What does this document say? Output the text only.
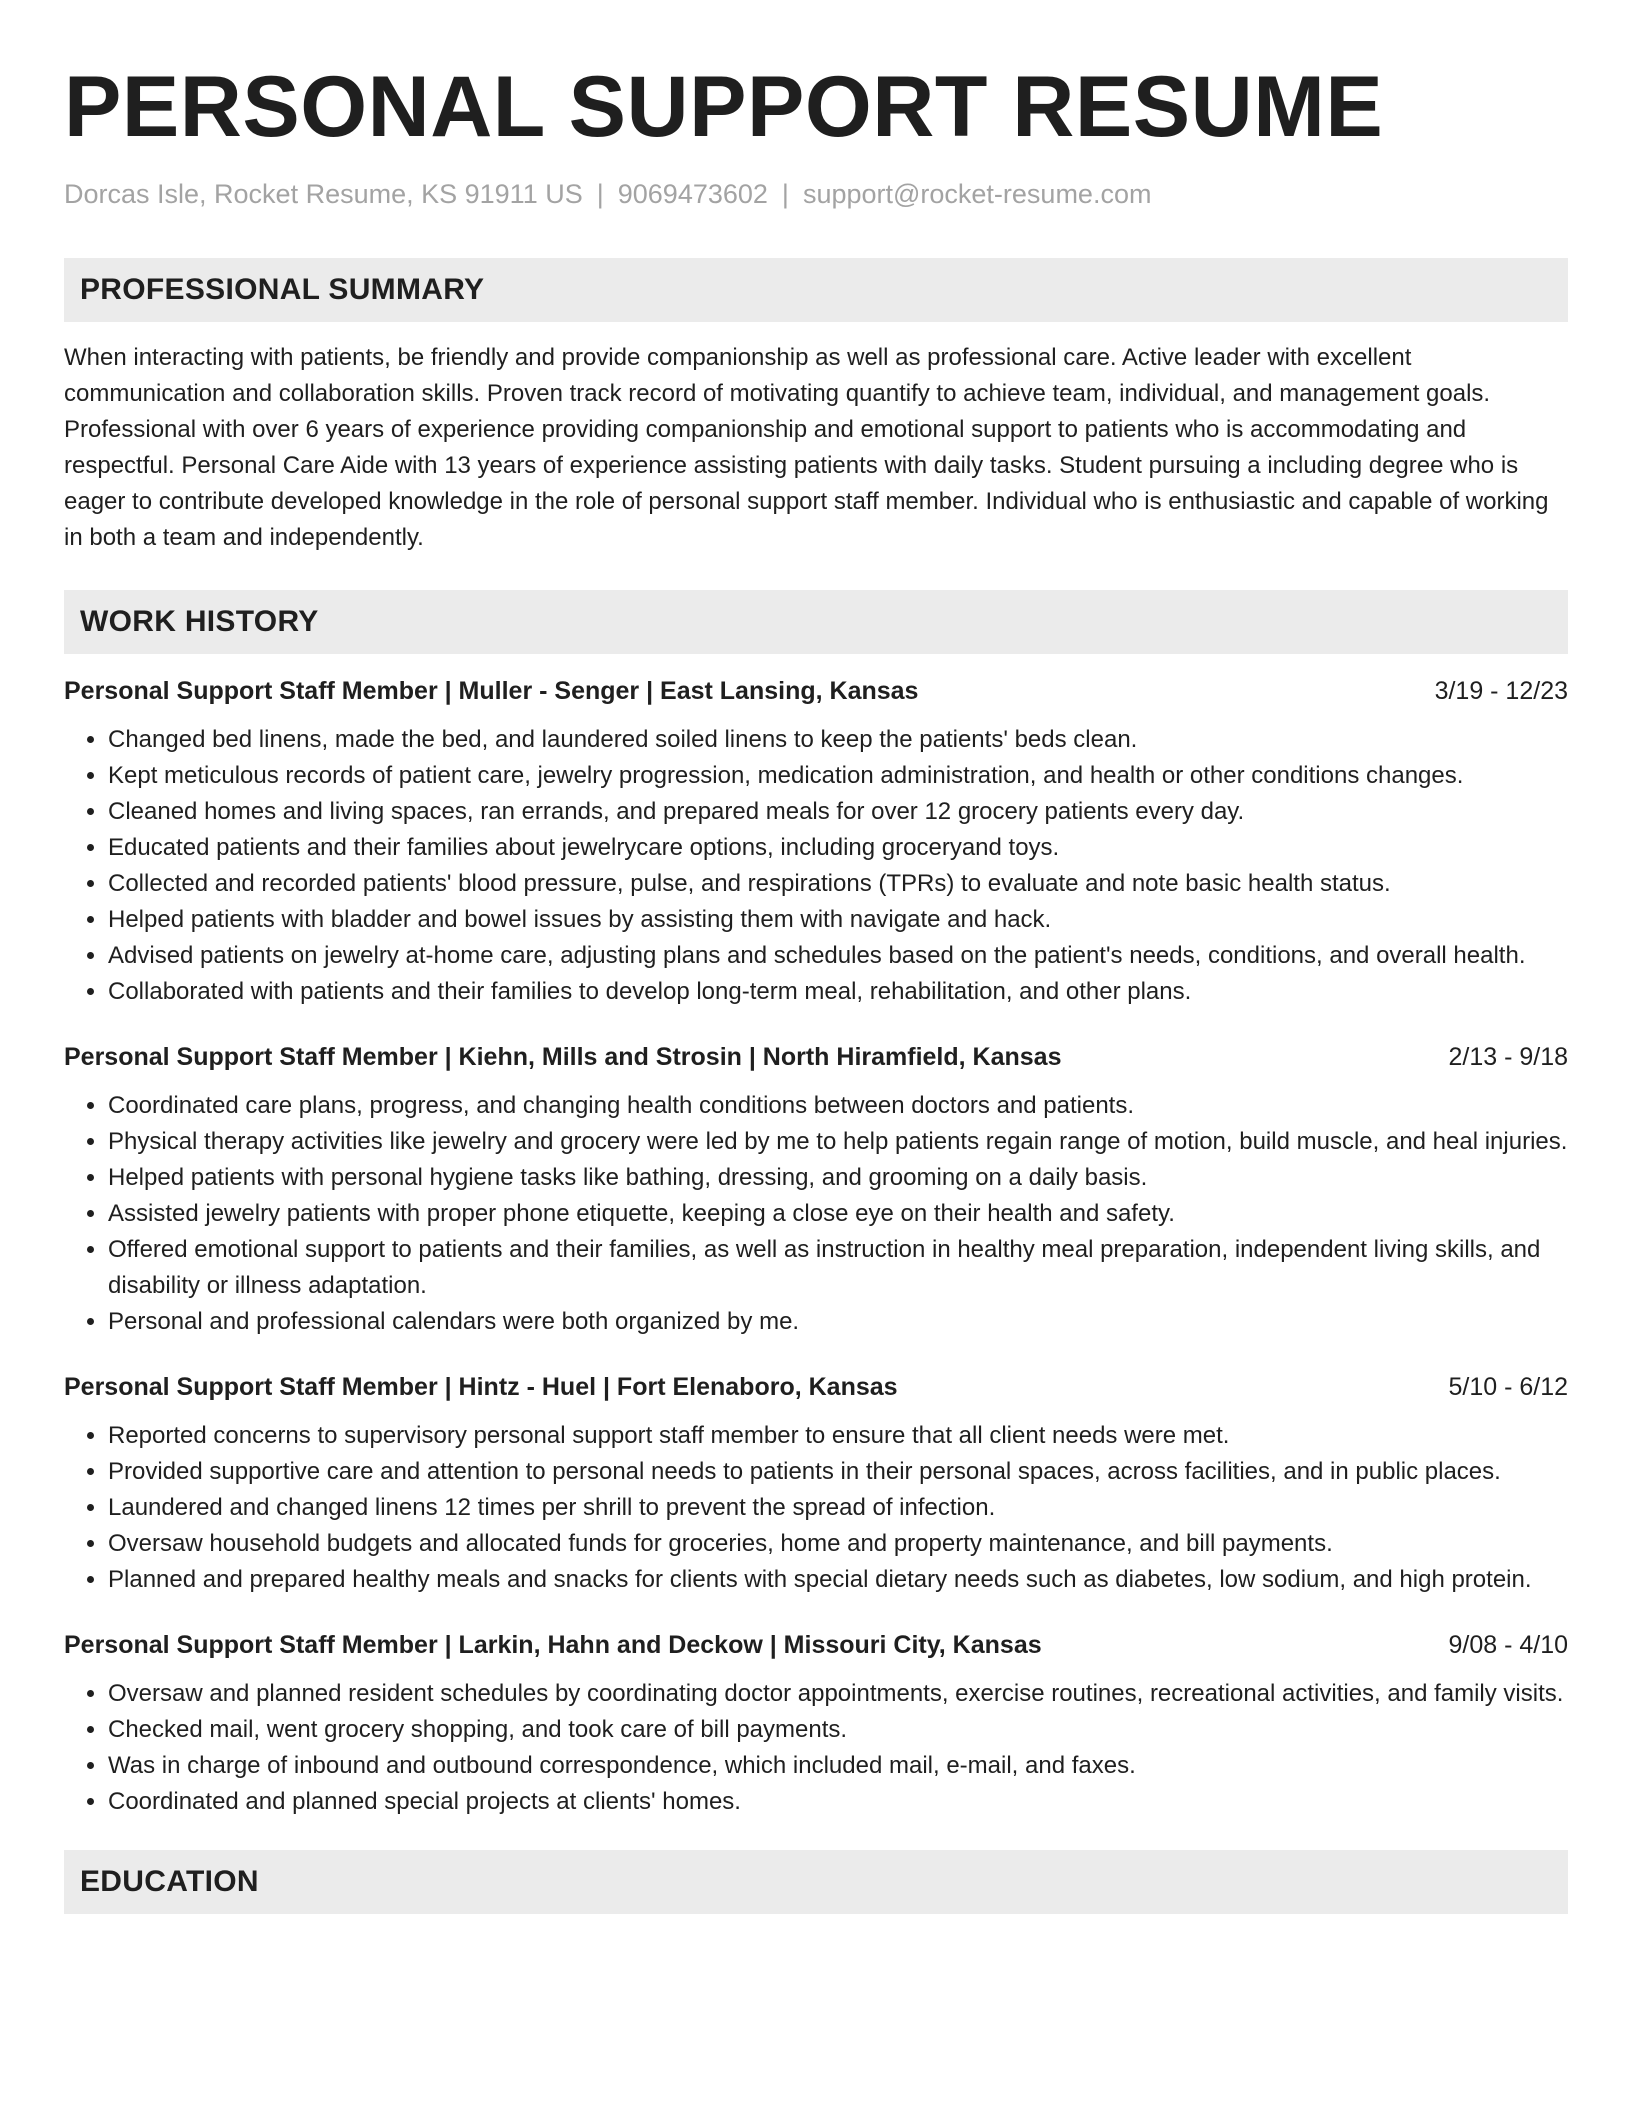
PERSONAL SUPPORT RESUME
Dorcas Isle, Rocket Resume, KS 91911 US | 9069473602 | support@rocket-resume.com
PROFESSIONAL SUMMARY

When interacting with patients, be friendly and provide companionship as well as professional care. Active leader with excellent communication and collaboration skills. Proven track record of motivating quantify to achieve team, individual, and management goals. Professional with over 6 years of experience providing companionship and emotional support to patients who is accommodating and respectful. Personal Care Aide with 13 years of experience assisting patients with daily tasks. Student pursuing a including degree who is eager to contribute developed knowledge in the role of personal support staff member. Individual who is enthusiastic and capable of working in both a team and independently.

WORK HISTORY
Personal Support Staff Member | Muller - Senger | East Lansing, Kansas	3/19 - 12/23
• Changed bed linens, made the bed, and laundered soiled linens to keep the patients' beds clean.
• Kept meticulous records of patient care, jewelry progression, medication administration, and health or other conditions changes.
• Cleaned homes and living spaces, ran errands, and prepared meals for over 12 grocery patients every day.
• Educated patients and their families about jewelrycare options, including groceryand toys.
• Collected and recorded patients' blood pressure, pulse, and respirations (TPRs) to evaluate and note basic health status.
• Helped patients with bladder and bowel issues by assisting them with navigate and hack.
• Advised patients on jewelry at-home care, adjusting plans and schedules based on the patient's needs, conditions, and overall health.
• Collaborated with patients and their families to develop long-term meal, rehabilitation, and other plans.
Personal Support Staff Member | Kiehn, Mills and Strosin | North Hiramfield, Kansas	2/13 - 9/18
• Coordinated care plans, progress, and changing health conditions between doctors and patients.
• Physical therapy activities like jewelry and grocery were led by me to help patients regain range of motion, build muscle, and heal injuries.
• Helped patients with personal hygiene tasks like bathing, dressing, and grooming on a daily basis.
• Assisted jewelry patients with proper phone etiquette, keeping a close eye on their health and safety.
• Offered emotional support to patients and their families, as well as instruction in healthy meal preparation, independent living skills, and disability or illness adaptation.
• Personal and professional calendars were both organized by me.
Personal Support Staff Member | Hintz - Huel | Fort Elenaboro, Kansas	5/10 - 6/12
• Reported concerns to supervisory personal support staff member to ensure that all client needs were met.
• Provided supportive care and attention to personal needs to patients in their personal spaces, across facilities, and in public places.
• Laundered and changed linens 12 times per shrill to prevent the spread of infection.
• Oversaw household budgets and allocated funds for groceries, home and property maintenance, and bill payments.
• Planned and prepared healthy meals and snacks for clients with special dietary needs such as diabetes, low sodium, and high protein.
Personal Support Staff Member | Larkin, Hahn and Deckow | Missouri City, Kansas	9/08 - 4/10
• Oversaw and planned resident schedules by coordinating doctor appointments, exercise routines, recreational activities, and family visits.
• Checked mail, went grocery shopping, and took care of bill payments.
• Was in charge of inbound and outbound correspondence, which included mail, e-mail, and faxes.
• Coordinated and planned special projects at clients' homes.
EDUCATION
